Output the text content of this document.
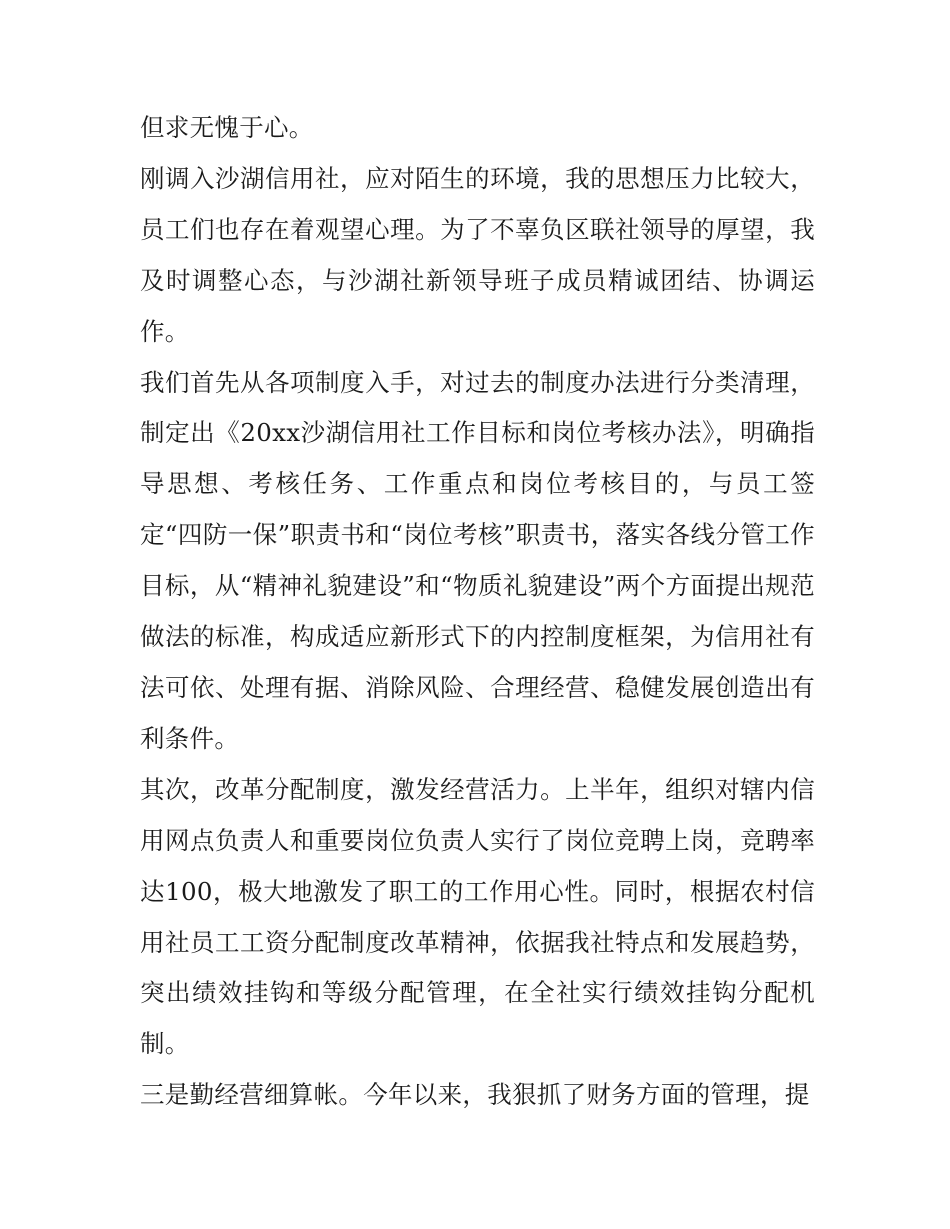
但求无愧于心。

刚调入沙湖信用社，应对陌生的环境，我的思想压力比较大，员工们也存在着观望心理。为了不辜负区联社领导的厚望，我及时调整心态，与沙湖社新领导班子成员精诚团结、协调运作。

我们首先从各项制度入手，对过去的制度办法进行分类清理，制定出《20xx沙湖信用社工作目标和岗位考核办法》，明确指导思想、考核任务、工作重点和岗位考核目的，与员工签定“四防一保”职责书和“岗位考核”职责书，落实各线分管工作目标，从“精神礼貌建设”和“物质礼貌建设”两个方面提出规范做法的标准，构成适应新形式下的内控制度框架，为信用社有法可依、处理有据、消除风险、合理经营、稳健发展创造出有利条件。

其次，改革分配制度，激发经营活力。上半年，组织对辖内信用网点负责人和重要岗位负责人实行了岗位竞聘上岗，竞聘率达100，极大地激发了职工的工作用心性。同时，根据农村信用社员工工资分配制度改革精神，依据我社特点和发展趋势，突出绩效挂钩和等级分配管理，在全社实行绩效挂钩分配机制。

三是勤经营细算帐。今年以来，我狠抓了财务方面的管理，提
